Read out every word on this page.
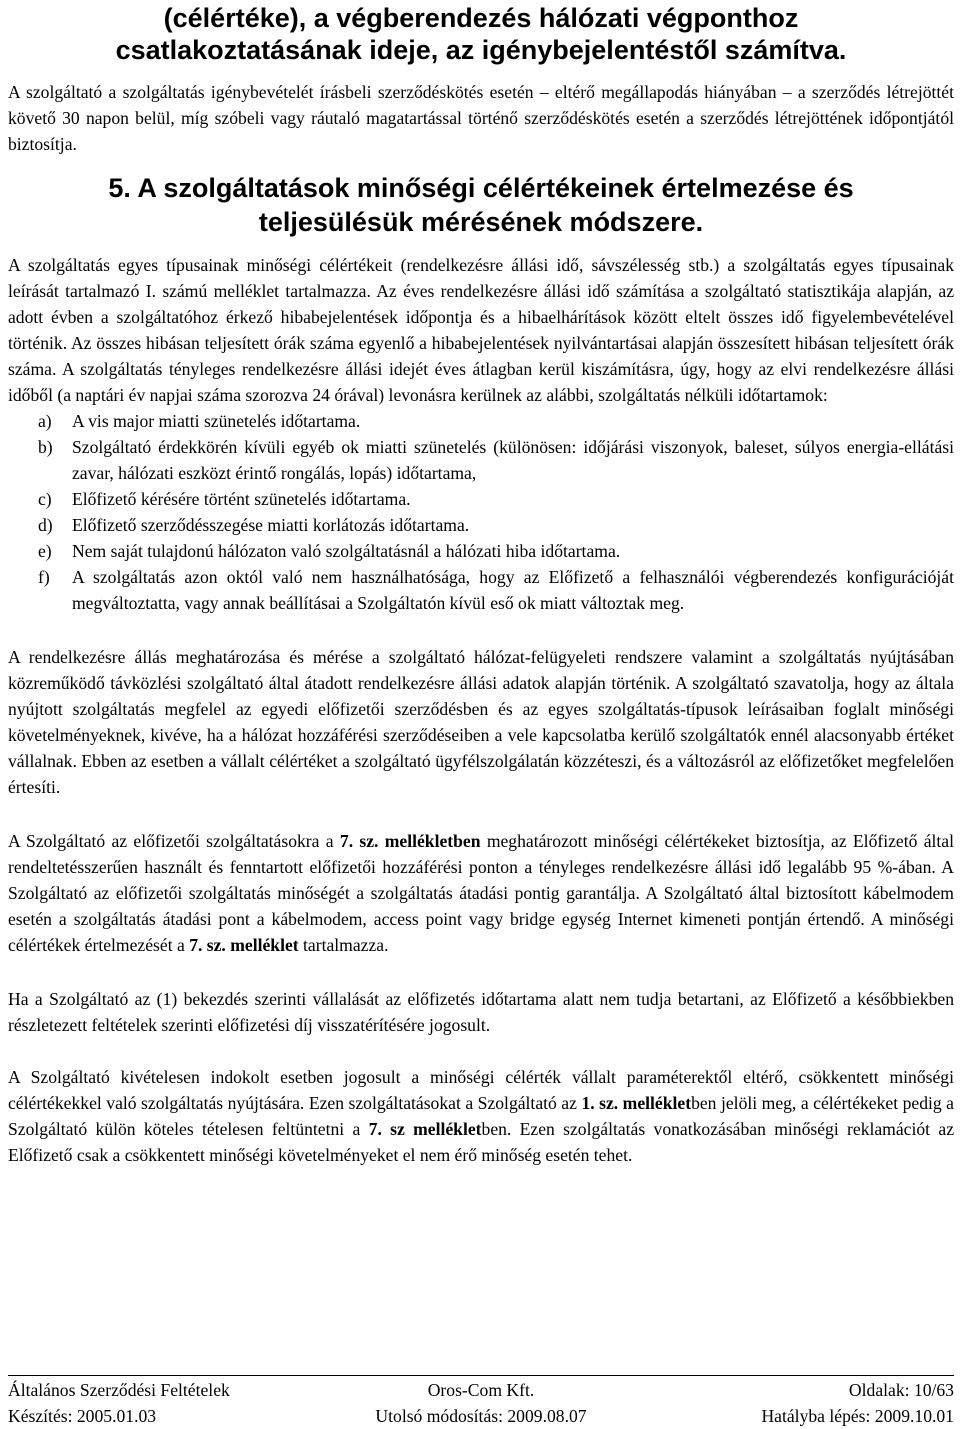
(célértéke), a végberendezés hálózati végponthoz
csatlakoztatásának ideje, az igénybejelentéstől számítva.

A szolgáltató a szolgáltatás igénybevételét írásbeli szerződéskötés esetén – eltérő megállapodás hiányában – a szerződés létrejöttét követő 30 napon belül, míg szóbeli vagy ráutaló magatartással történő szerződéskötés esetén a szerződés létrejöttének időpontjától biztosítja.

5. A szolgáltatások minőségi célértékeinek értelmezése és
teljesülésük mérésének módszere.

A szolgáltatás egyes típusainak minőségi célértékeit (rendelkezésre állási idő, sávszélesség stb.) a szolgáltatás egyes típusainak leírását tartalmazó I. számú melléklet tartalmazza. Az éves rendelkezésre állási idő számítása a szolgáltató statisztikája alapján, az adott évben a szolgáltatóhoz érkező hibabejelentések időpontja és a hibaelhárítások között eltelt összes idő figyelembevételével történik. Az összes hibásan teljesített órák száma egyenlő a hibabejelentések nyilvántartásai alapján összesített hibásan teljesített órák száma. A szolgáltatás tényleges rendelkezésre állási idejét éves átlagban kerül kiszámításra, úgy, hogy az elvi rendelkezésre állási időből (a naptári év napjai száma szorozva 24 órával) levonásra kerülnek az alábbi, szolgáltatás nélküli időtartamok:

a) A vis major miatti szünetelés időtartama.
b) Szolgáltató érdekkörén kívüli egyéb ok miatti szünetelés (különösen: időjárási viszonyok, baleset, súlyos energia-ellátási zavar, hálózati eszközt érintő rongálás, lopás) időtartama,
c) Előfizető kérésére történt szünetelés időtartama.
d) Előfizető szerződésszegése miatti korlátozás időtartama.
e) Nem saját tulajdonú hálózaton való szolgáltatásnál a hálózati hiba időtartama.
f) A szolgáltatás azon októl való nem használhatósága, hogy az Előfizető a felhasználói végberendezés konfigurációját megváltoztatta, vagy annak beállításai a Szolgáltatón kívül eső ok miatt változtak meg.

A rendelkezésre állás meghatározása és mérése a szolgáltató hálózat-felügyeleti rendszere valamint a szolgáltatás nyújtásában közreműködő távközlési szolgáltató által átadott rendelkezésre állási adatok alapján történik. A szolgáltató szavatolja, hogy az általa nyújtott szolgáltatás megfelel az egyedi előfizetői szerződésben és az egyes szolgáltatás-típusok leírásaiban foglalt minőségi követelményeknek, kivéve, ha a hálózat hozzáférési szerződéseiben a vele kapcsolatba kerülő szolgáltatók ennél alacsonyabb értéket vállalnak. Ebben az esetben a vállalt célértéket a szolgáltató ügyfélszolgálatán közzéteszi, és a változásról az előfizetőket megfelelően értesíti.

A Szolgáltató az előfizetői szolgáltatásokra a 7. sz. mellékletben meghatározott minőségi célértékeket biztosítja, az Előfizető által rendeltetésszerűen használt és fenntartott előfizetői hozzáférési ponton a tényleges rendelkezésre állási idő legalább 95 %-ában. A Szolgáltató az előfizetői szolgáltatás minőségét a szolgáltatás átadási pontig garantálja. A Szolgáltató által biztosított kábelmodem esetén a szolgáltatás átadási pont a kábelmodem, access point vagy bridge egység Internet kimeneti pontján értendő. A minőségi célértékek értelmezését a 7. sz. melléklet tartalmazza.

Ha a Szolgáltató az (1) bekezdés szerinti vállalását az előfizetés időtartama alatt nem tudja betartani, az Előfizető a későbbiekben részletezett feltételek szerinti előfizetési díj visszatérítésére jogosult.

A Szolgáltató kivételesen indokolt esetben jogosult a minőségi célérték vállalt paraméterektől eltérő, csökkentett minőségi célértékekkel való szolgáltatás nyújtására. Ezen szolgáltatásokat a Szolgáltató az 1. sz. mellékletben jelöli meg, a célértékeket pedig a Szolgáltató külön köteles tételesen feltüntetni a 7. sz mellékletben. Ezen szolgáltatás vonatkozásában minőségi reklamációt az Előfizető csak a csökkentett minőségi követelményeket el nem érő minőség esetén tehet.

Általános Szerződési Feltételek	Oros-Com Kft.	Oldalak: 10/63
Készítés: 2005.01.03	Utolsó módosítás: 2009.08.07	Hatályba lépés: 2009.10.01
